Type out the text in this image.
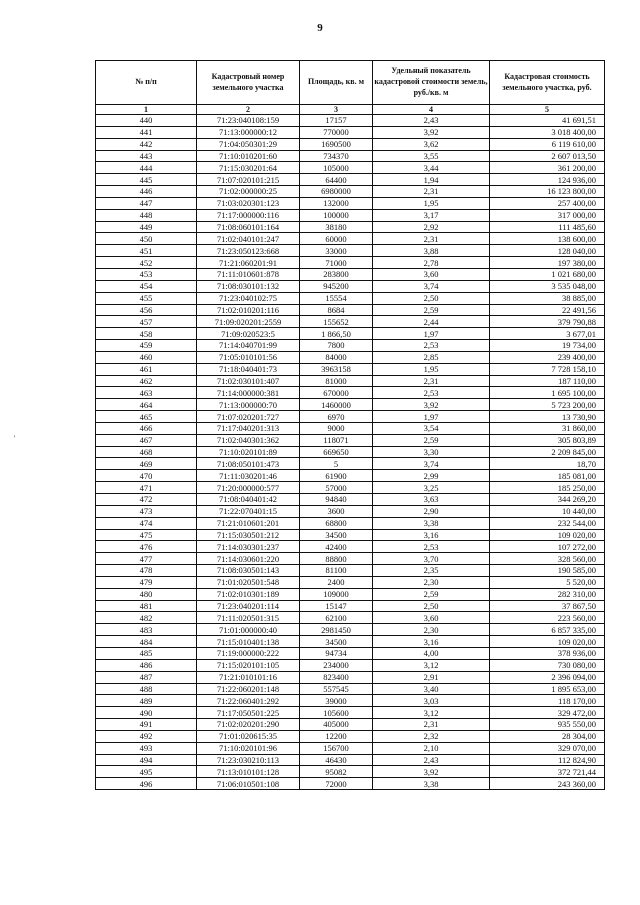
9
'
№ п/п	Кадастровый номер земельного участка	Площадь, кв. м	Удельный показатель кадастровой стоимости земель, руб./кв. м	Кадастровая стоимость земельного участка, руб.
1	2	3	4	5
440	71:23:040108:159	17157	2,43	41 691,51
441	71:13:000000:12	770000	3,92	3 018 400,00
442	71:04:050301:29	1690500	3,62	6 119 610,00
443	71:10:010201:60	734370	3,55	2 607 013,50
444	71:15:030201:64	105000	3,44	361 200,00
445	71:07:020101:215	64400	1,94	124 936,00
446	71:02:000000:25	6980000	2,31	16 123 800,00
447	71:03:020301:123	132000	1,95	257 400,00
448	71:17:000000:116	100000	3,17	317 000,00
449	71:08:060101:164	38180	2,92	111 485,60
450	71:02:040101:247	60000	2,31	138 600,00
451	71:23:050123:668	33000	3,88	128 040,00
452	71:21:060201:91	71000	2,78	197 380,00
453	71:11:010601:878	283800	3,60	1 021 680,00
454	71:08:030101:132	945200	3,74	3 535 048,00
455	71:23:040102:75	15554	2,50	38 885,00
456	71:02:010201:116	8684	2,59	22 491,56
457	71:09:020201:2559	155652	2,44	379 790,88
458	71:09:020523:5	1 866,50	1,97	3 677,01
459	71:14:040701:99	7800	2,53	19 734,00
460	71:05:010101:56	84000	2,85	239 400,00
461	71:18:040401:73	3963158	1,95	7 728 158,10
462	71:02:030101:407	81000	2,31	187 110,00
463	71:14:000000:381	670000	2,53	1 695 100,00
464	71:13:000000:70	1460000	3,92	5 723 200,00
465	71:07:020201:727	6970	1,97	13 730,90
466	71:17:040201:313	9000	3,54	31 860,00
467	71:02:040301:362	118071	2,59	305 803,89
468	71:10:020101:89	669650	3,30	2 209 845,00
469	71:08:050101:473	5	3,74	18,70
470	71:11:030201:46	61900	2,99	185 081,00
471	71:20:000000:577	57000	3,25	185 250,00
472	71:08:040401:42	94840	3,63	344 269,20
473	71:22:070401:15	3600	2,90	10 440,00
474	71:21:010601:201	68800	3,38	232 544,00
475	71:15:030501:212	34500	3,16	109 020,00
476	71:14:030301:237	42400	2,53	107 272,00
477	71:14:030601:220	88800	3,70	328 560,00
478	71:08:030501:143	81100	2,35	190 585,00
479	71:01:020501:548	2400	2,30	5 520,00
480	71:02:010301:189	109000	2,59	282 310,00
481	71:23:040201:114	15147	2,50	37 867,50
482	71:11:020501:315	62100	3,60	223 560,00
483	71:01:000000:40	2981450	2,30	6 857 335,00
484	71:15:010401:138	34500	3,16	109 020,00
485	71:19:000000:222	94734	4,00	378 936,00
486	71:15:020101:105	234000	3,12	730 080,00
487	71:21:010101:16	823400	2,91	2 396 094,00
488	71:22:060201:148	557545	3,40	1 895 653,00
489	71:22:060401:292	39000	3,03	118 170,00
490	71:17:050501:225	105600	3,12	329 472,00
491	71:02:020201:290	405000	2,31	935 550,00
492	71:01:020615:35	12200	2,32	28 304,00
493	71:10:020101:96	156700	2,10	329 070,00
494	71:23:030210:113	46430	2,43	112 824,90
495	71:13:010101:128	95082	3,92	372 721,44
496	71:06:010501:108	72000	3,38	243 360,00
